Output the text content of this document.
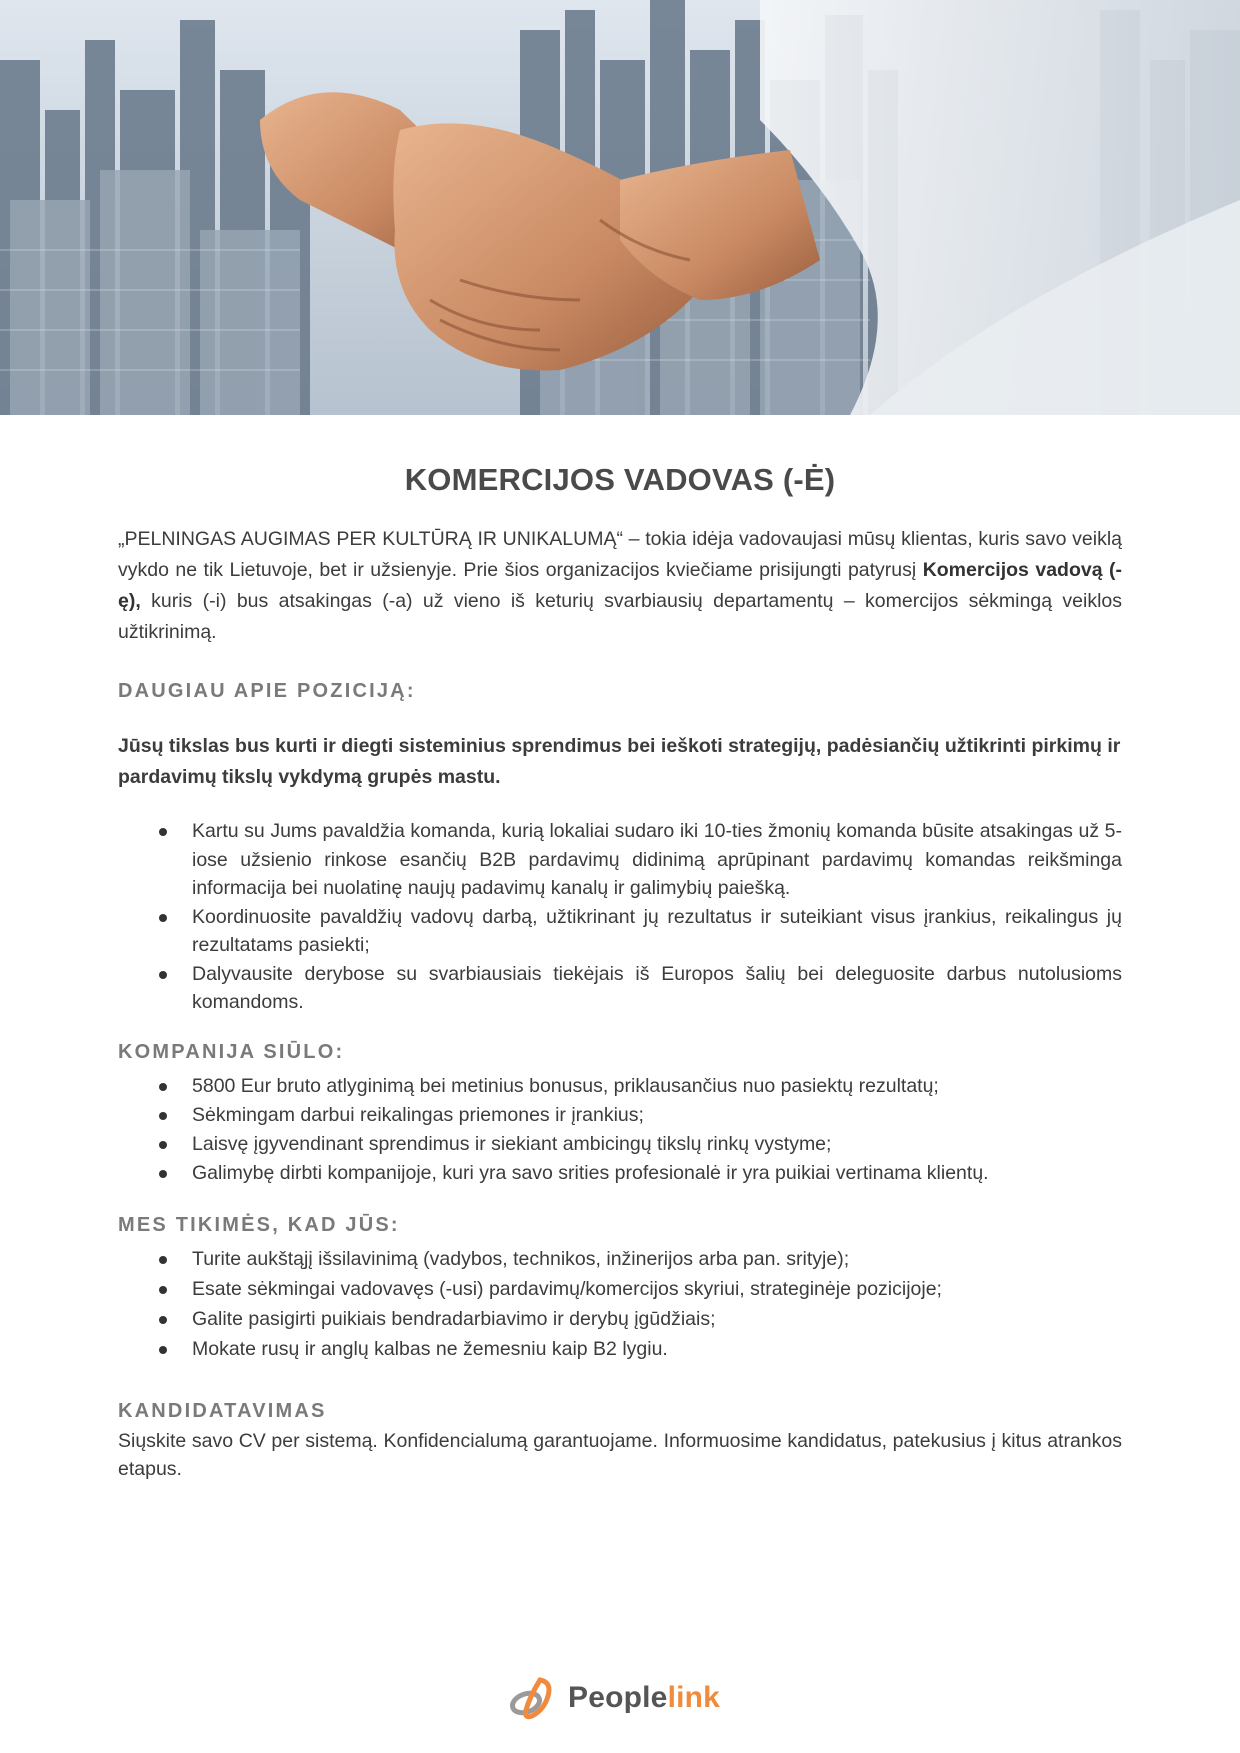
KOMERCIJOS VADOVAS (-Ė)

„PELNINGAS AUGIMAS PER KULTŪRĄ IR UNIKALUMĄ“ – tokia idėja vadovaujasi mūsų klientas, kuris savo veiklą vykdo ne tik Lietuvoje, bet ir užsienyje. Prie šios organizacijos kviečiame prisijungti patyrusį Komercijos vadovą (-ę), kuris (-i) bus atsakingas (-a) už vieno iš keturių svarbiausių departamentų – komercijos sėkmingą veiklos užtikrinimą.

DAUGIAU APIE POZICIJĄ:

Jūsų tikslas bus kurti ir diegti sisteminius sprendimus bei ieškoti strategijų, padėsiančių užtikrinti pirkimų ir pardavimų tikslų vykdymą grupės mastu.

Kartu su Jums pavaldžia komanda, kurią lokaliai sudaro iki 10-ties žmonių komanda būsite atsakingas už 5-iose užsienio rinkose esančių B2B pardavimų didinimą aprūpinant pardavimų komandas reikšminga informacija bei nuolatinę naujų padavimų kanalų ir galimybių paiešką.
Koordinuosite pavaldžių vadovų darbą, užtikrinant jų rezultatus ir suteikiant visus įrankius, reikalingus jų rezultatams pasiekti;
Dalyvausite derybose su svarbiausiais tiekėjais iš Europos šalių bei deleguosite darbus nutolusioms komandoms.
KOMPANIJA SIŪLO:
5800 Eur bruto atlyginimą bei metinius bonusus, priklausančius nuo pasiektų rezultatų;
Sėkmingam darbui reikalingas priemones ir įrankius;
Laisvę įgyvendinant sprendimus ir siekiant ambicingų tikslų rinkų vystyme;
Galimybę dirbti kompanijoje, kuri yra savo srities profesionalė ir yra puikiai vertinama klientų.
MES TIKIMĖS, KAD JŪS:
Turite aukštąjį išsilavinimą (vadybos, technikos, inžinerijos arba pan. srityje);
Esate sėkmingai vadovavęs (-usi) pardavimų/komercijos skyriui, strateginėje pozicijoje;
Galite pasigirti puikiais bendradarbiavimo ir derybų įgūdžiais;
Mokate rusų ir anglų kalbas ne žemesniu kaip B2 lygiu.
KANDIDATAVIMAS

Siųskite savo CV per sistemą. Konfidencialumą garantuojame. Informuosime kandidatus, patekusius į kitus atrankos etapus.

Peoplelink
